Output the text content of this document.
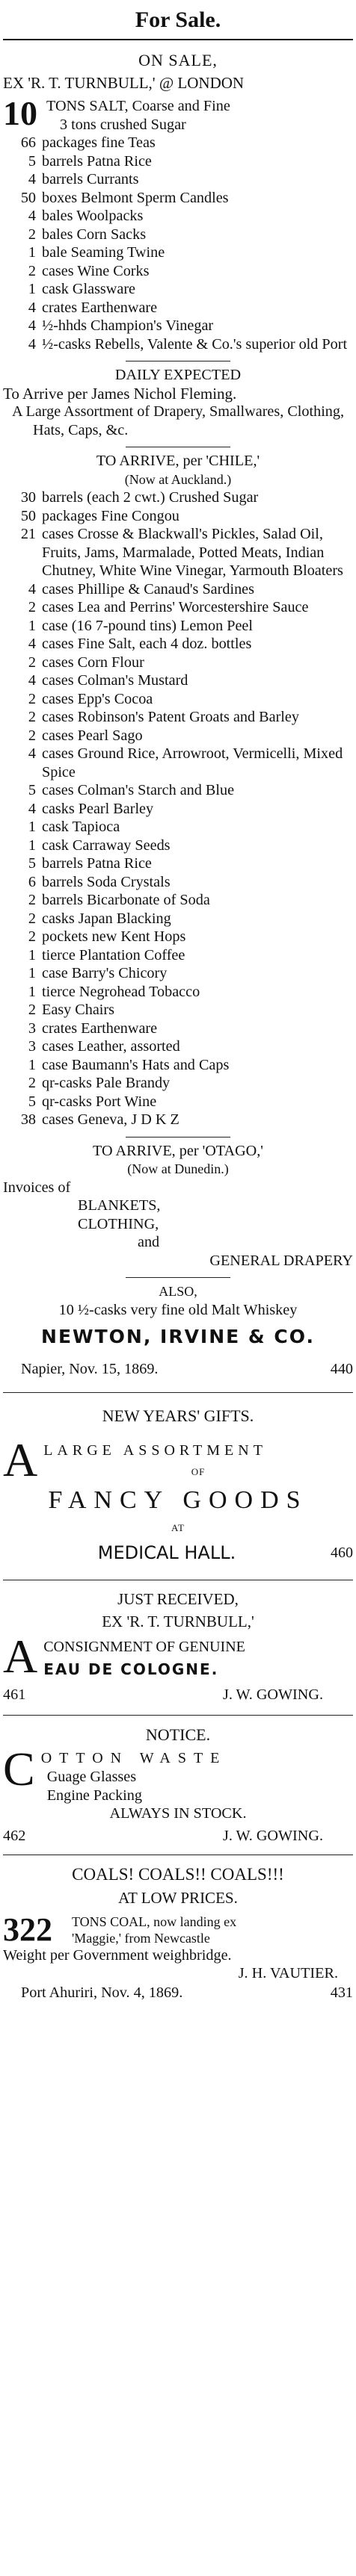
For Sale.
ON SALE,
EX 'R. T. TURNBULL,' @ LONDON
10 TONS SALT, Coarse and Fine
3 tons crushed Sugar
66 packages fine Teas
5 barrels Patna Rice
4 barrels Currants
50 boxes Belmont Sperm Candles
4 bales Woolpacks
2 bales Corn Sacks
1 bale Seaming Twine
2 cases Wine Corks
1 cask Glassware
4 crates Earthenware
4 ½-hhds Champion's Vinegar
4 ½-casks Rebells, Valente & Co.'s superior old Port
DAILY EXPECTED
To Arrive per James Nichol Fleming.
A Large Assortment of Drapery, Smallwares, Clothing, Hats, Caps, &c.
TO ARRIVE, per 'CHILE,'
(Now at Auckland.)
30 barrels (each 2 cwt.) Crushed Sugar
50 packages Fine Congou
21 cases Crosse & Blackwall's Pickles, Salad Oil, Fruits, Jams, Marmalade, Potted Meats, Indian Chutney, White Wine Vinegar, Yarmouth Bloaters
4 cases Phillipe & Canaud's Sardines
2 cases Lea and Perrins' Worcestershire Sauce
1 case (16 7-pound tins) Lemon Peel
4 cases Fine Salt, each 4 doz. bottles
2 cases Corn Flour
4 cases Colman's Mustard
2 cases Epp's Cocoa
2 cases Robinson's Patent Groats and Barley
2 cases Pearl Sago
4 cases Ground Rice, Arrowroot, Vermicelli, Mixed Spice
5 cases Colman's Starch and Blue
4 casks Pearl Barley
1 cask Tapioca
1 cask Carraway Seeds
5 barrels Patna Rice
6 barrels Soda Crystals
2 barrels Bicarbonate of Soda
2 casks Japan Blacking
2 pockets new Kent Hops
1 tierce Plantation Coffee
1 case Barry's Chicory
1 tierce Negrohead Tobacco
2 Easy Chairs
3 crates Earthenware
3 cases Leather, assorted
1 case Baumann's Hats and Caps
2 qr-casks Pale Brandy
5 qr-casks Port Wine
38 cases Geneva, J D K Z
TO ARRIVE, per 'OTAGO,'
(Now at Dunedin.)
Invoices of
BLANKETS,
CLOTHING,
and
GENERAL DRAPERY
ALSO,
10 ½-casks very fine old Malt Whiskey
NEWTON, IRVINE & CO.
Napier, Nov. 15, 1869.	440
NEW YEARS' GIFTS.
A LARGE ASSORTMENT
OF
FANCY GOODS
AT
MEDICAL HALL.	460
JUST RECEIVED,
EX 'R. T. TURNBULL,'
A CONSIGNMENT OF GENUINE
EAU DE COLOGNE.
461	J. W. GOWING.
NOTICE.
C OTTON WASTE
Guage Glasses
Engine Packing
ALWAYS IN STOCK.
462	J. W. GOWING.
COALS! COALS!! COALS!!!
AT LOW PRICES.
322	TONS COAL, now landing ex
'Maggie,' from Newcastle
Weight per Government weighbridge.
J. H. VAUTIER.
Port Ahuriri, Nov. 4, 1869.	431
